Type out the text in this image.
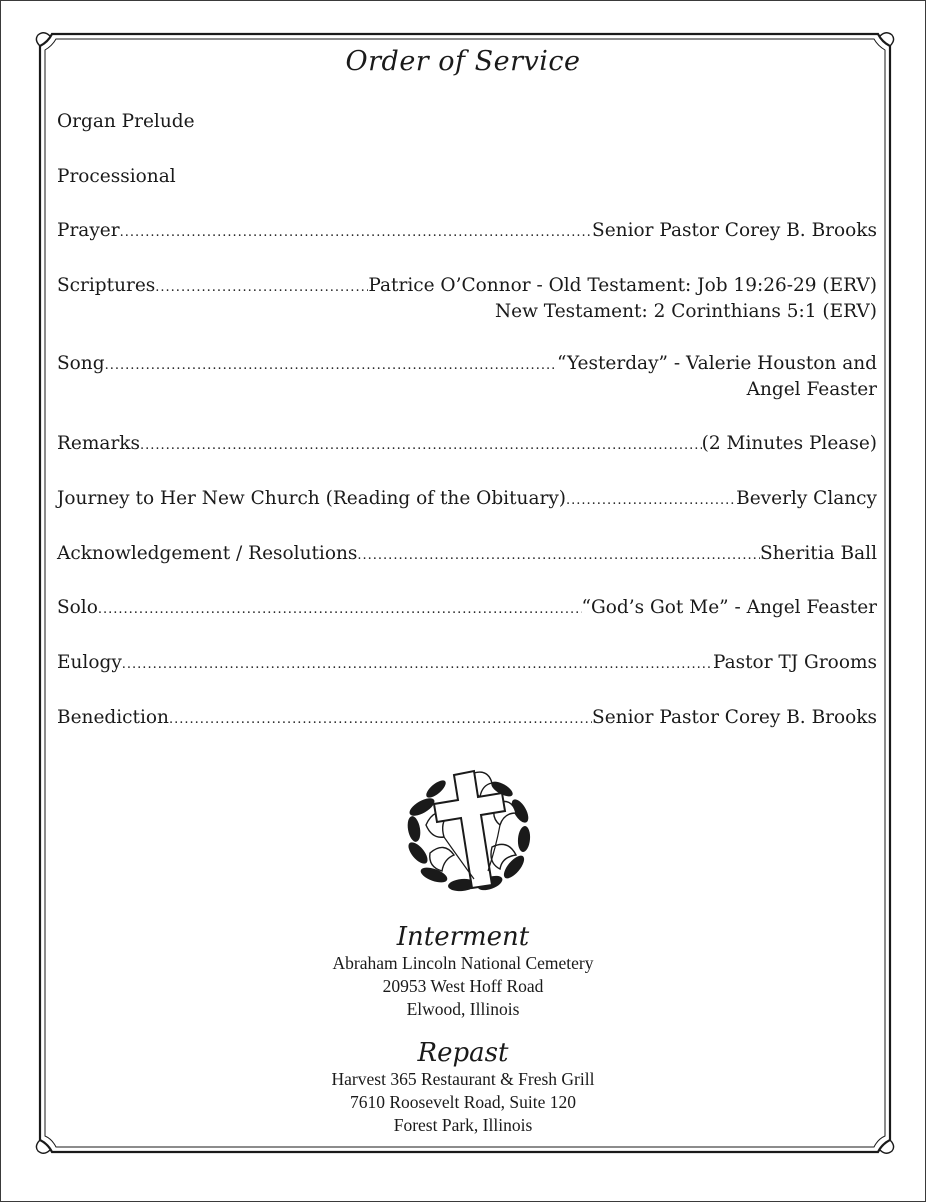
Order of Service
Organ Prelude
Processional
Prayer .....	Senior Pastor Corey B. Brooks
Scriptures .....	Patrice O’Connor - Old Testament: Job 19:26-29 (ERV)
New Testament: 2 Corinthians 5:1 (ERV)
Song .....	“Yesterday” - Valerie Houston and
Angel Feaster
Remarks .....	(2 Minutes Please)
Journey to Her New Church (Reading of the Obituary) .....	Beverly Clancy
Acknowledgement / Resolutions .....	Sheritia Ball
Solo .....	“God’s Got Me” - Angel Feaster
Eulogy .....	Pastor TJ Grooms
Benediction .....	Senior Pastor Corey B. Brooks
Interment
Abraham Lincoln National Cemetery
20953 West Hoff Road
Elwood, Illinois
Repast
Harvest 365 Restaurant & Fresh Grill
7610 Roosevelt Road, Suite 120
Forest Park, Illinois
